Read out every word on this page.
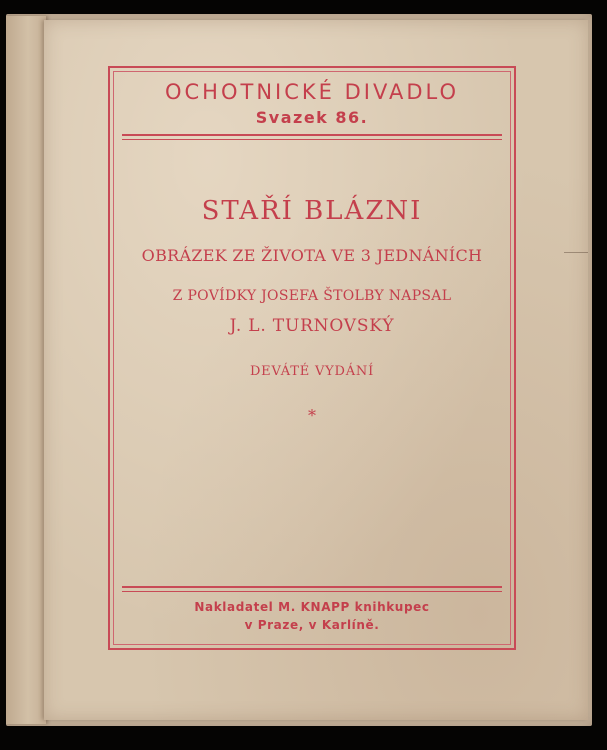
OCHOTNICKÉ DIVADLO
Svazek 86.
STAŘÍ BLÁZNI
OBRÁZEK ZE ŽIVOTA VE 3 JEDNÁNÍCH
Z POVÍDKY JOSEFA ŠTOLBY NAPSAL
J. L. TURNOVSKÝ
DEVÁTÉ VYDÁNÍ
*
Nakladatel M. KNAPP knihkupec
v Praze, v Karlíně.
